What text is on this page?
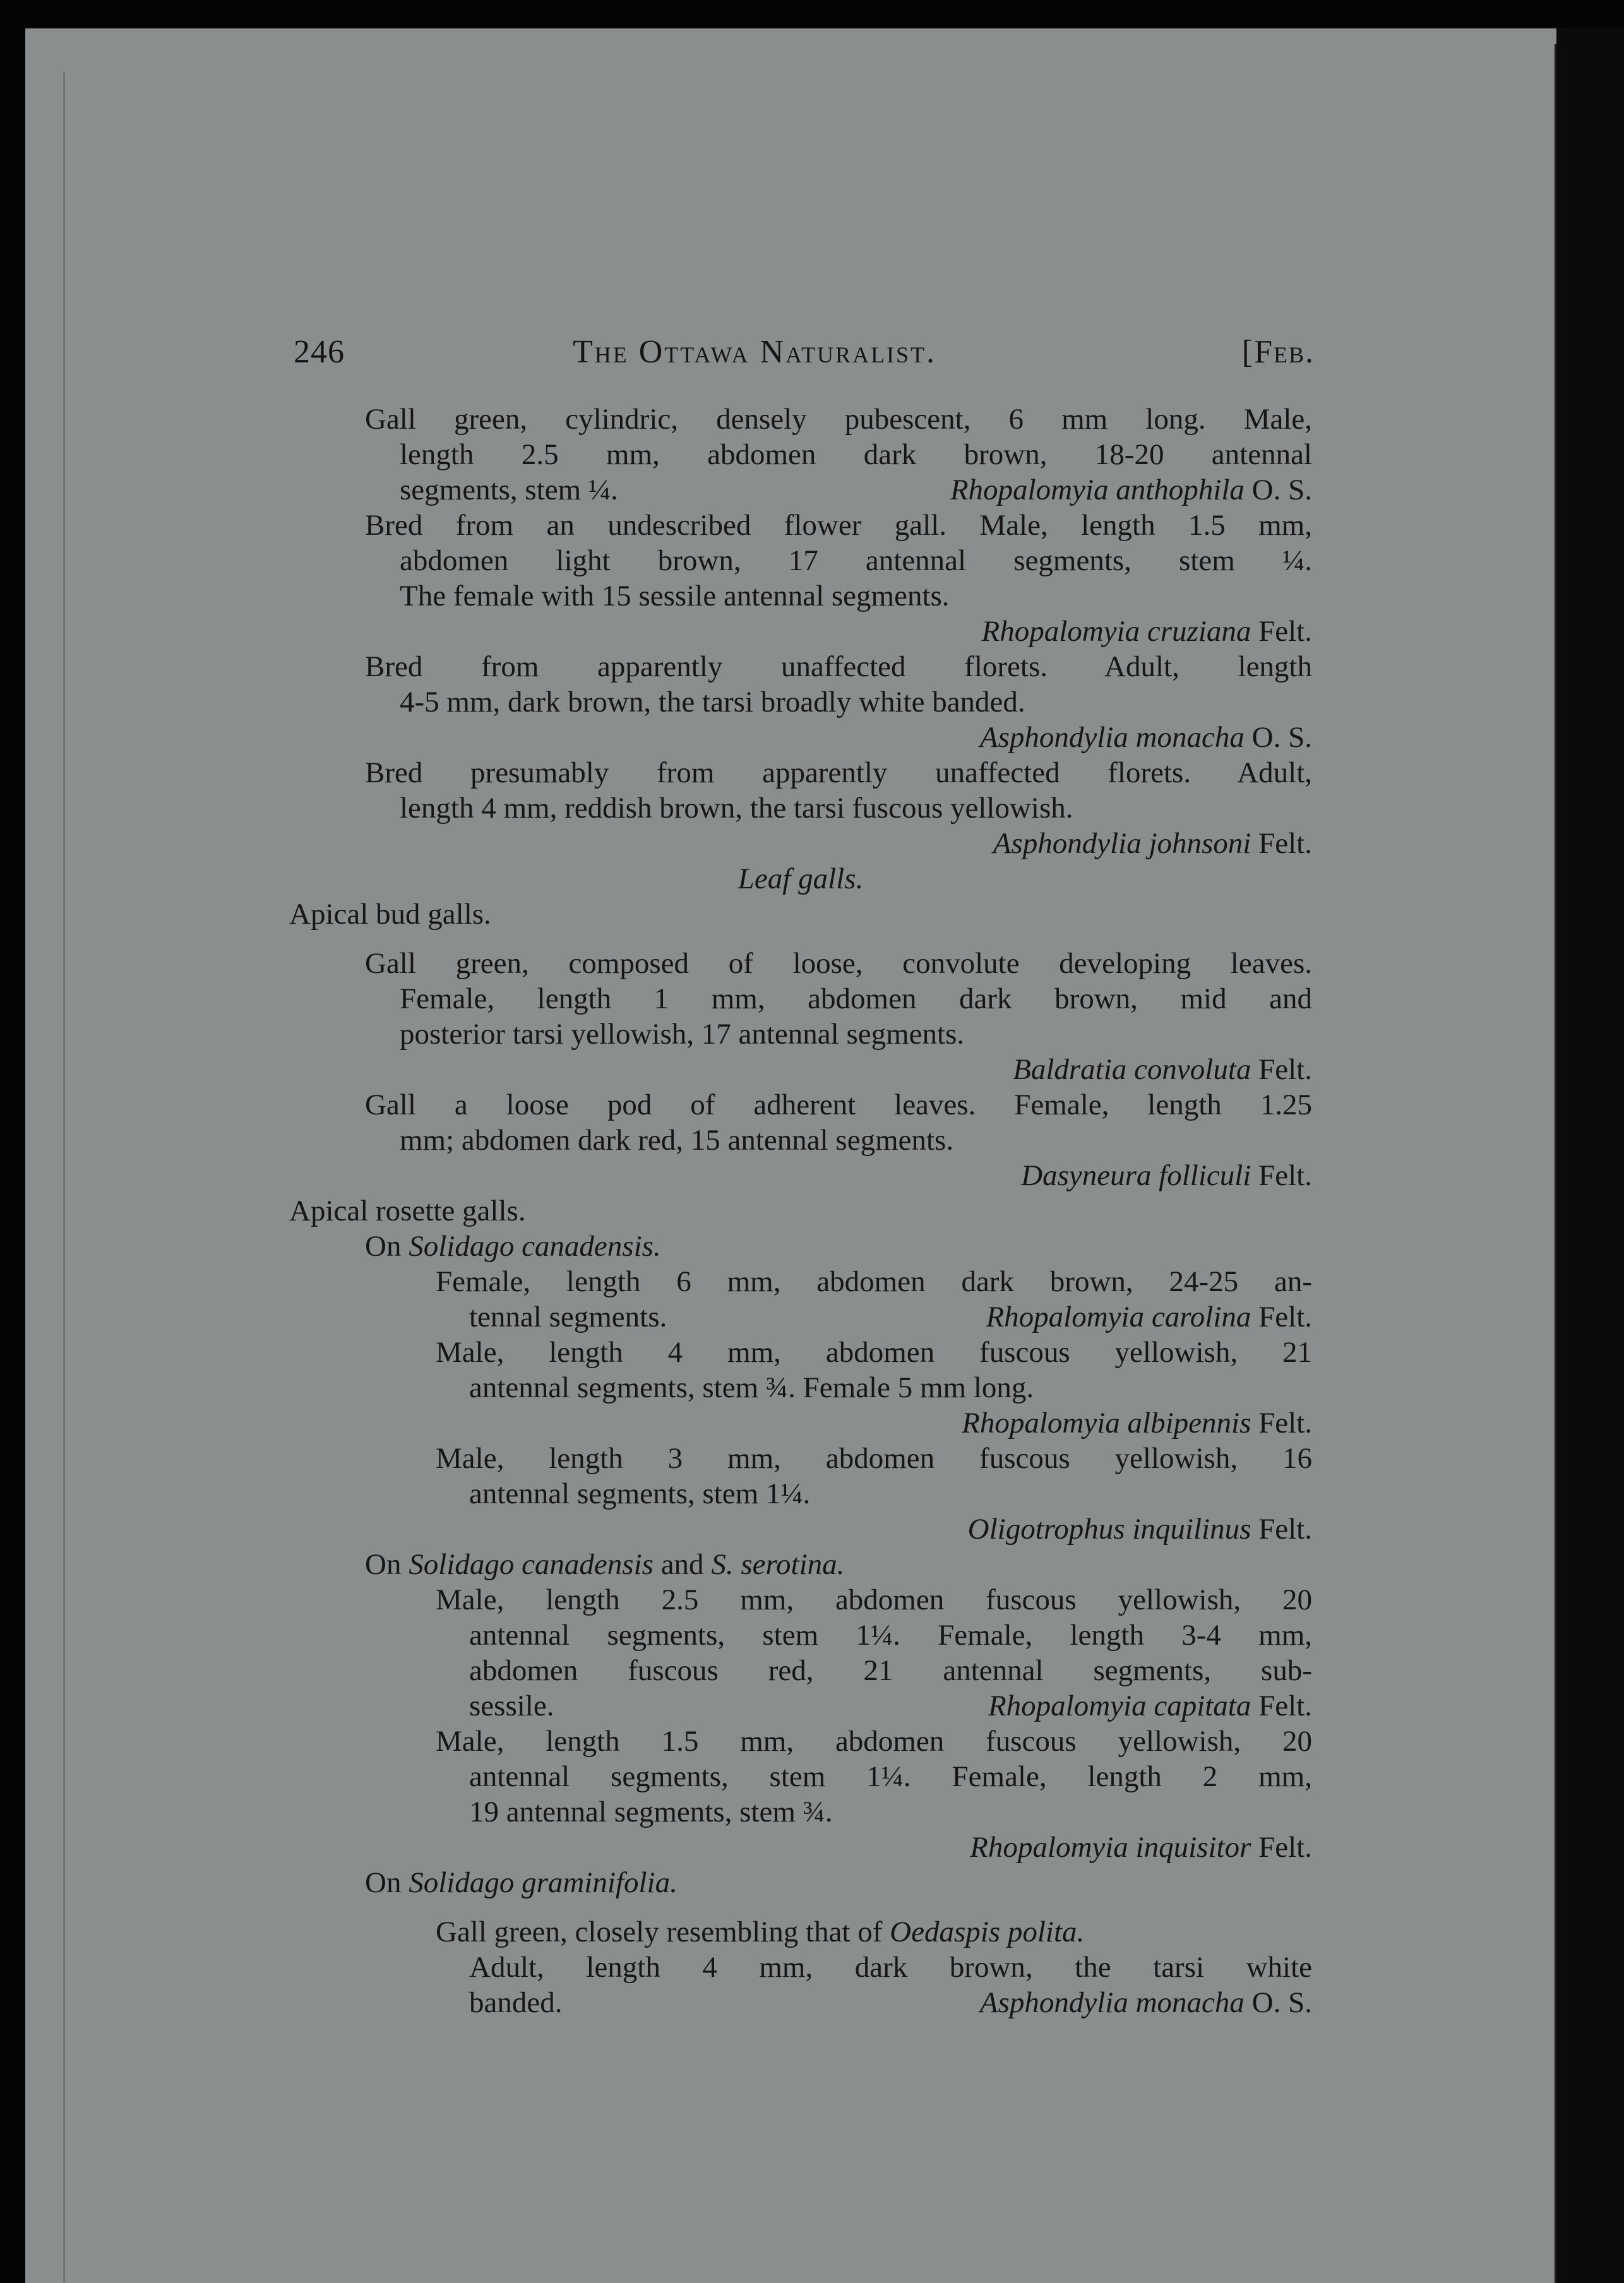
246	The Ottawa Naturalist.	[Feb.
Gall green, cylindric, densely pubescent, 6 mm long. Male,
length 2.5 mm, abdomen dark brown, 18-20 antennal
segments, stem ¼.	Rhopalomyia anthophila O. S.
Bred from an undescribed flower gall. Male, length 1.5 mm,
abdomen light brown, 17 antennal segments, stem ¼.
The female with 15 sessile antennal segments.
Rhopalomyia cruziana Felt.
Bred from apparently unaffected florets. Adult, length
4-5 mm, dark brown, the tarsi broadly white banded.
Asphondylia monacha O. S.
Bred presumably from apparently unaffected florets. Adult,
length 4 mm, reddish brown, the tarsi fuscous yellowish.
Asphondylia johnsoni Felt.
Leaf galls.
Apical bud galls.
Gall green, composed of loose, convolute developing leaves.
Female, length 1 mm, abdomen dark brown, mid and
posterior tarsi yellowish, 17 antennal segments.
Baldratia convoluta Felt.
Gall a loose pod of adherent leaves. Female, length 1.25
mm; abdomen dark red, 15 antennal segments.
Dasyneura folliculi Felt.
Apical rosette galls.
On Solidago canadensis.
Female, length 6 mm, abdomen dark brown, 24-25 an-
tennal segments.	Rhopalomyia carolina Felt.
Male, length 4 mm, abdomen fuscous yellowish, 21
antennal segments, stem ¾. Female 5 mm long.
Rhopalomyia albipennis Felt.
Male, length 3 mm, abdomen fuscous yellowish, 16
antennal segments, stem 1¼.
Oligotrophus inquilinus Felt.
On Solidago canadensis and S. serotina.
Male, length 2.5 mm, abdomen fuscous yellowish, 20
antennal segments, stem 1¼. Female, length 3-4 mm,
abdomen fuscous red, 21 antennal segments, sub-
sessile.	Rhopalomyia capitata Felt.
Male, length 1.5 mm, abdomen fuscous yellowish, 20
antennal segments, stem 1¼. Female, length 2 mm,
19 antennal segments, stem ¾.
Rhopalomyia inquisitor Felt.
On Solidago graminifolia.
Gall green, closely resembling that of Oedaspis polita.
Adult, length 4 mm, dark brown, the tarsi white
banded.	Asphondylia monacha O. S.
